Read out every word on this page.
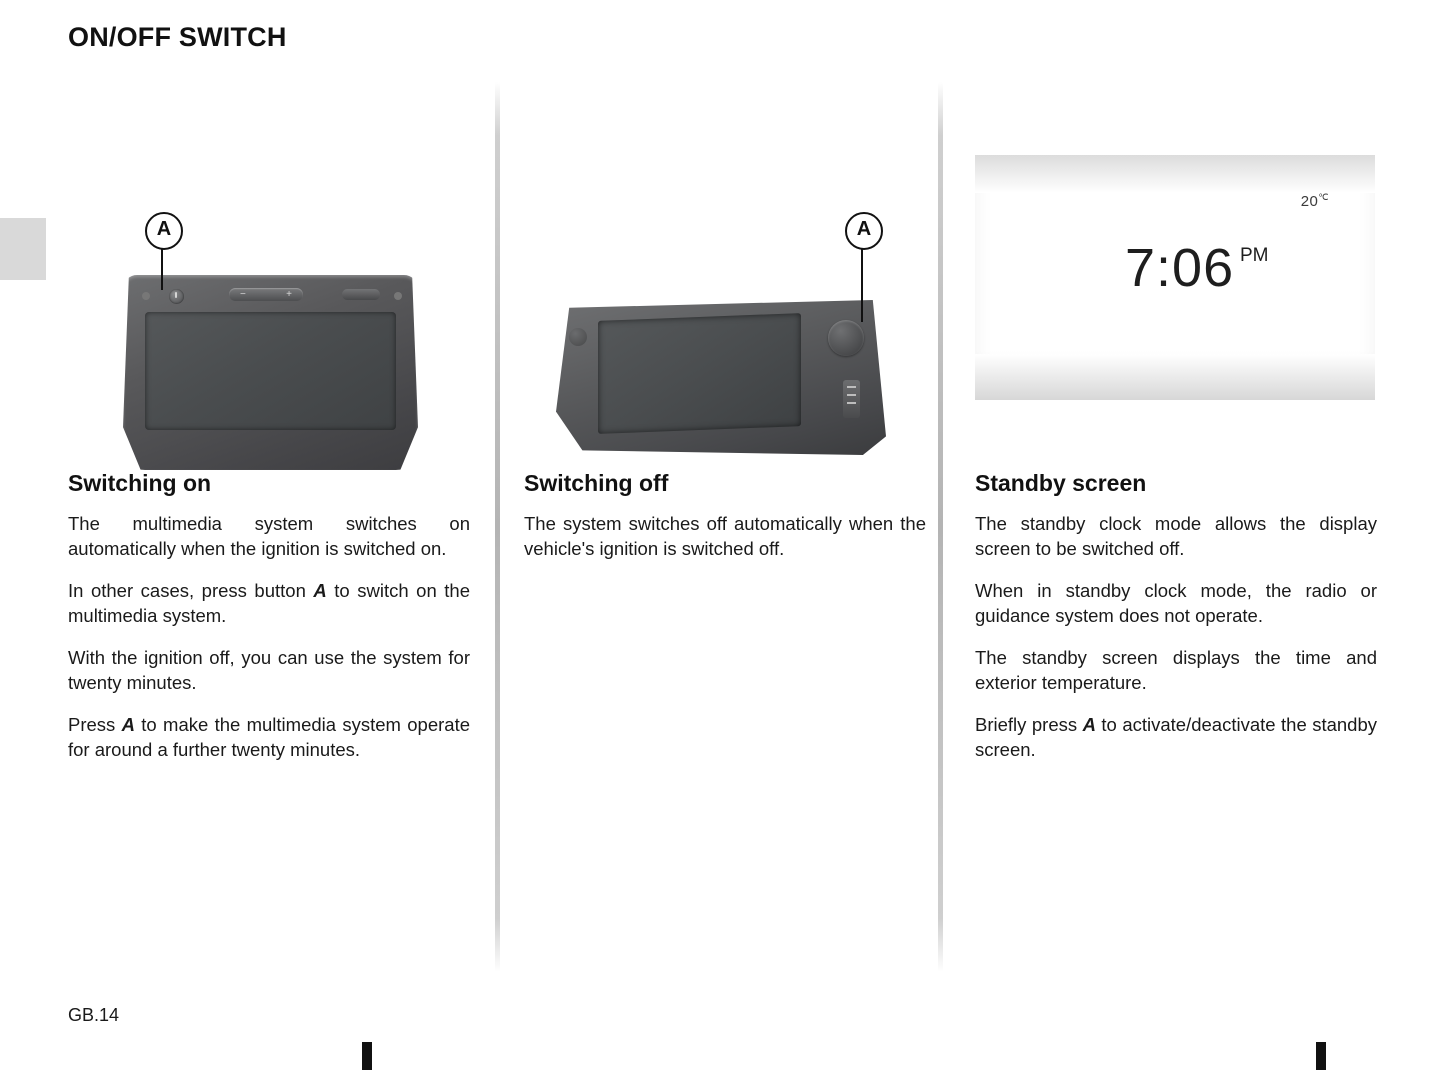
ON/OFF SWITCH
A
−	+
A
20℃
7:06 PM
Switching on

The multimedia system switches on automatically when the ignition is switched on.

In other cases, press button A to switch on the multimedia system.

With the ignition off, you can use the system for twenty minutes.

Press A to make the multimedia system operate for around a further twenty minutes.

Switching off

The system switches off automatically when the vehicle's ignition is switched off.

Standby screen

The standby clock mode allows the display screen to be switched off.

When in standby clock mode, the radio or guidance system does not operate.

The standby screen displays the time and exterior temperature.

Briefly press A to activate/deactivate the standby screen.

GB.14
